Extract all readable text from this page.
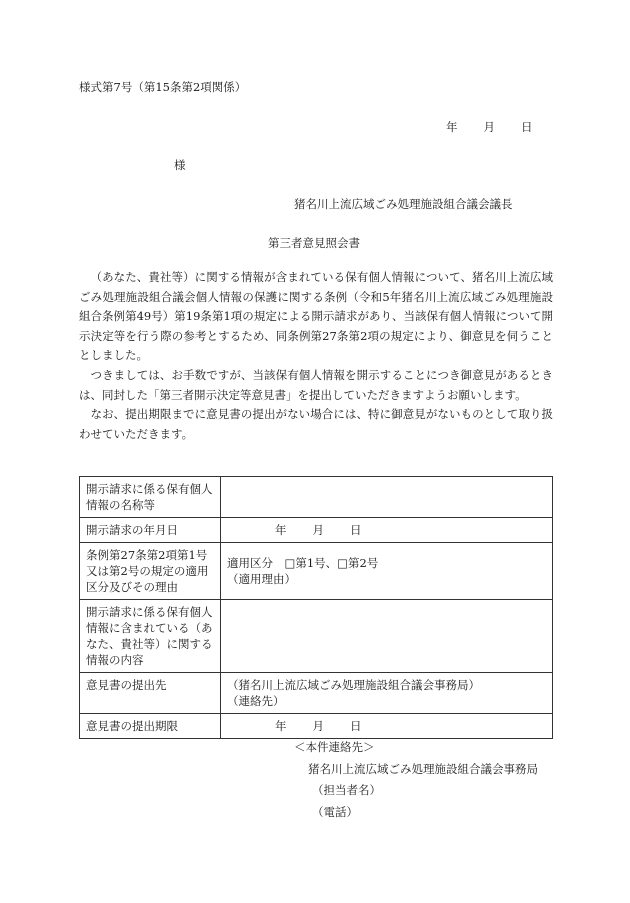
様式第7号（第15条第2項関係）
年 月 日
様
猪名川上流広域ごみ処理施設組合議会議長
第三者意見照会書

（あなた、貴社等）に関する情報が含まれている保有個人情報について、猪名川上流広域ごみ処理施設組合議会個人情報の保護に関する条例（令和5年猪名川上流広域ごみ処理施設組合条例第49号）第19条第1項の規定による開示請求があり、当該保有個人情報について開示決定等を行う際の参考とするため、同条例第27条第2項の規定により、御意見を伺うこととしました。

つきましては、お手数ですが、当該保有個人情報を開示することにつき御意見があるときは、同封した「第三者開示決定等意見書」を提出していただきますようお願いします。

なお、提出期限までに意見書の提出がない場合には、特に御意見がないものとして取り扱わせていただきます。

開示請求に係る保有個人情報の名称等	
開示請求の年月日	年 月 日
条例第27条第2項第1号又は第2号の規定の適用区分及びその理由	適用区分　□第1号、□第2号
（適用理由）

開示請求に係る保有個人情報に含まれている（あなた、貴社等）に関する情報の内容	
意見書の提出先	（猪名川上流広域ごみ処理施設組合議会事務局）
（連絡先）

意見書の提出期限	年 月 日
＜本件連絡先＞
猪名川上流広域ごみ処理施設組合議会事務局
（担当者名）
（電話）
